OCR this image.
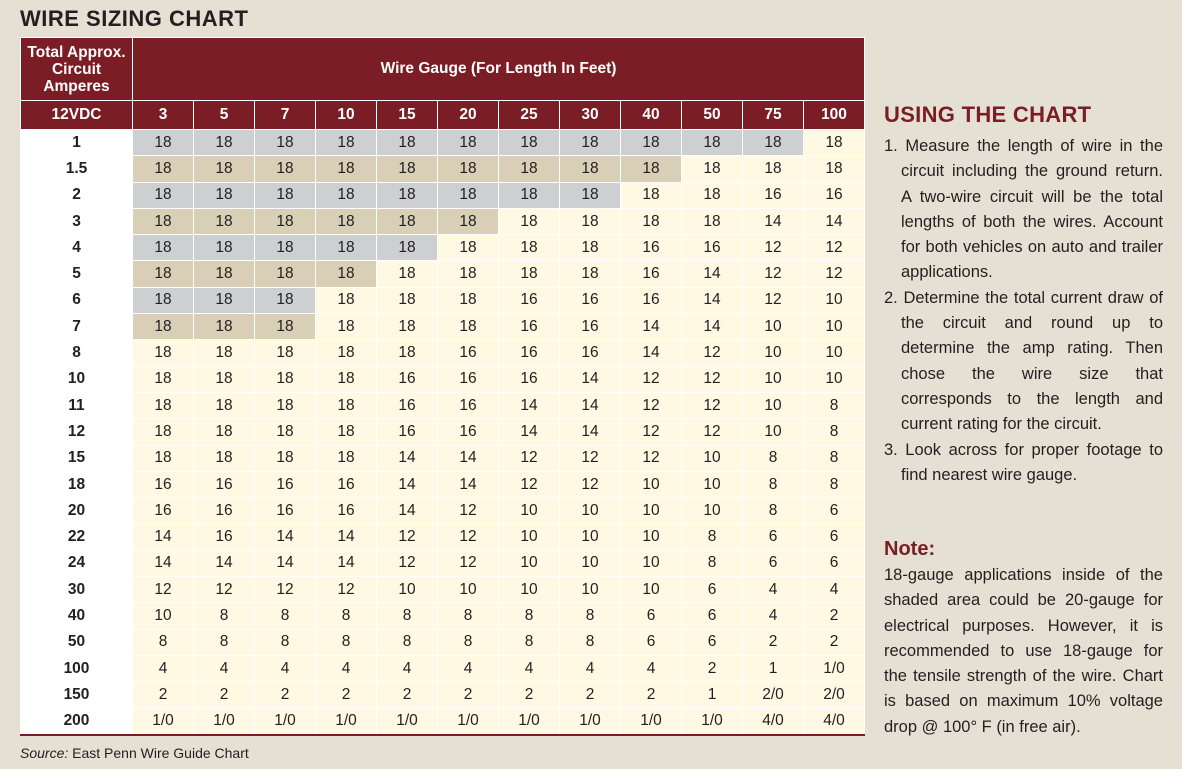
WIRE SIZING CHART
Total Approx. Circuit Amperes	Wire Gauge (For Length In Feet)											
12VDC	3	5	7	10	15	20	25	30	40	50	75	100
1	18	18	18	18	18	18	18	18	18	18	18	18
1.5	18	18	18	18	18	18	18	18	18	18	18	18
2	18	18	18	18	18	18	18	18	18	18	16	16
3	18	18	18	18	18	18	18	18	18	18	14	14
4	18	18	18	18	18	18	18	18	16	16	12	12
5	18	18	18	18	18	18	18	18	16	14	12	12
6	18	18	18	18	18	18	16	16	16	14	12	10
7	18	18	18	18	18	18	16	16	14	14	10	10
8	18	18	18	18	18	16	16	16	14	12	10	10
10	18	18	18	18	16	16	16	14	12	12	10	10
11	18	18	18	18	16	16	14	14	12	12	10	8
12	18	18	18	18	16	16	14	14	12	12	10	8
15	18	18	18	18	14	14	12	12	12	10	8	8
18	16	16	16	16	14	14	12	12	10	10	8	8
20	16	16	16	16	14	12	10	10	10	10	8	6
22	14	16	14	14	12	12	10	10	10	8	6	6
24	14	14	14	14	12	12	10	10	10	8	6	6
30	12	12	12	12	10	10	10	10	10	6	4	4
40	10	8	8	8	8	8	8	8	6	6	4	2
50	8	8	8	8	8	8	8	8	6	6	2	2
100	4	4	4	4	4	4	4	4	4	2	1	1/0
150	2	2	2	2	2	2	2	2	2	1	2/0	2/0
200	1/0	1/0	1/0	1/0	1/0	1/0	1/0	1/0	1/0	1/0	4/0	4/0
Source: East Penn Wire Guide Chart
USING THE CHART
1. Measure the length of wire in the circuit including the ground return. A two-wire circuit will be the total lengths of both the wires. Account for both vehicles on auto and trailer applications.
2. Determine the total current draw of the circuit and round up to determine the amp rating. Then chose the wire size that corresponds to the length and current rating for the circuit.
3. Look across for proper footage to find nearest wire gauge.
Note:

18-gauge applications inside of the shaded area could be 20-gauge for electrical purposes. However, it is recommended to use 18-gauge for the tensile strength of the wire. Chart is based on maximum 10% voltage drop @ 100° F (in free air).
